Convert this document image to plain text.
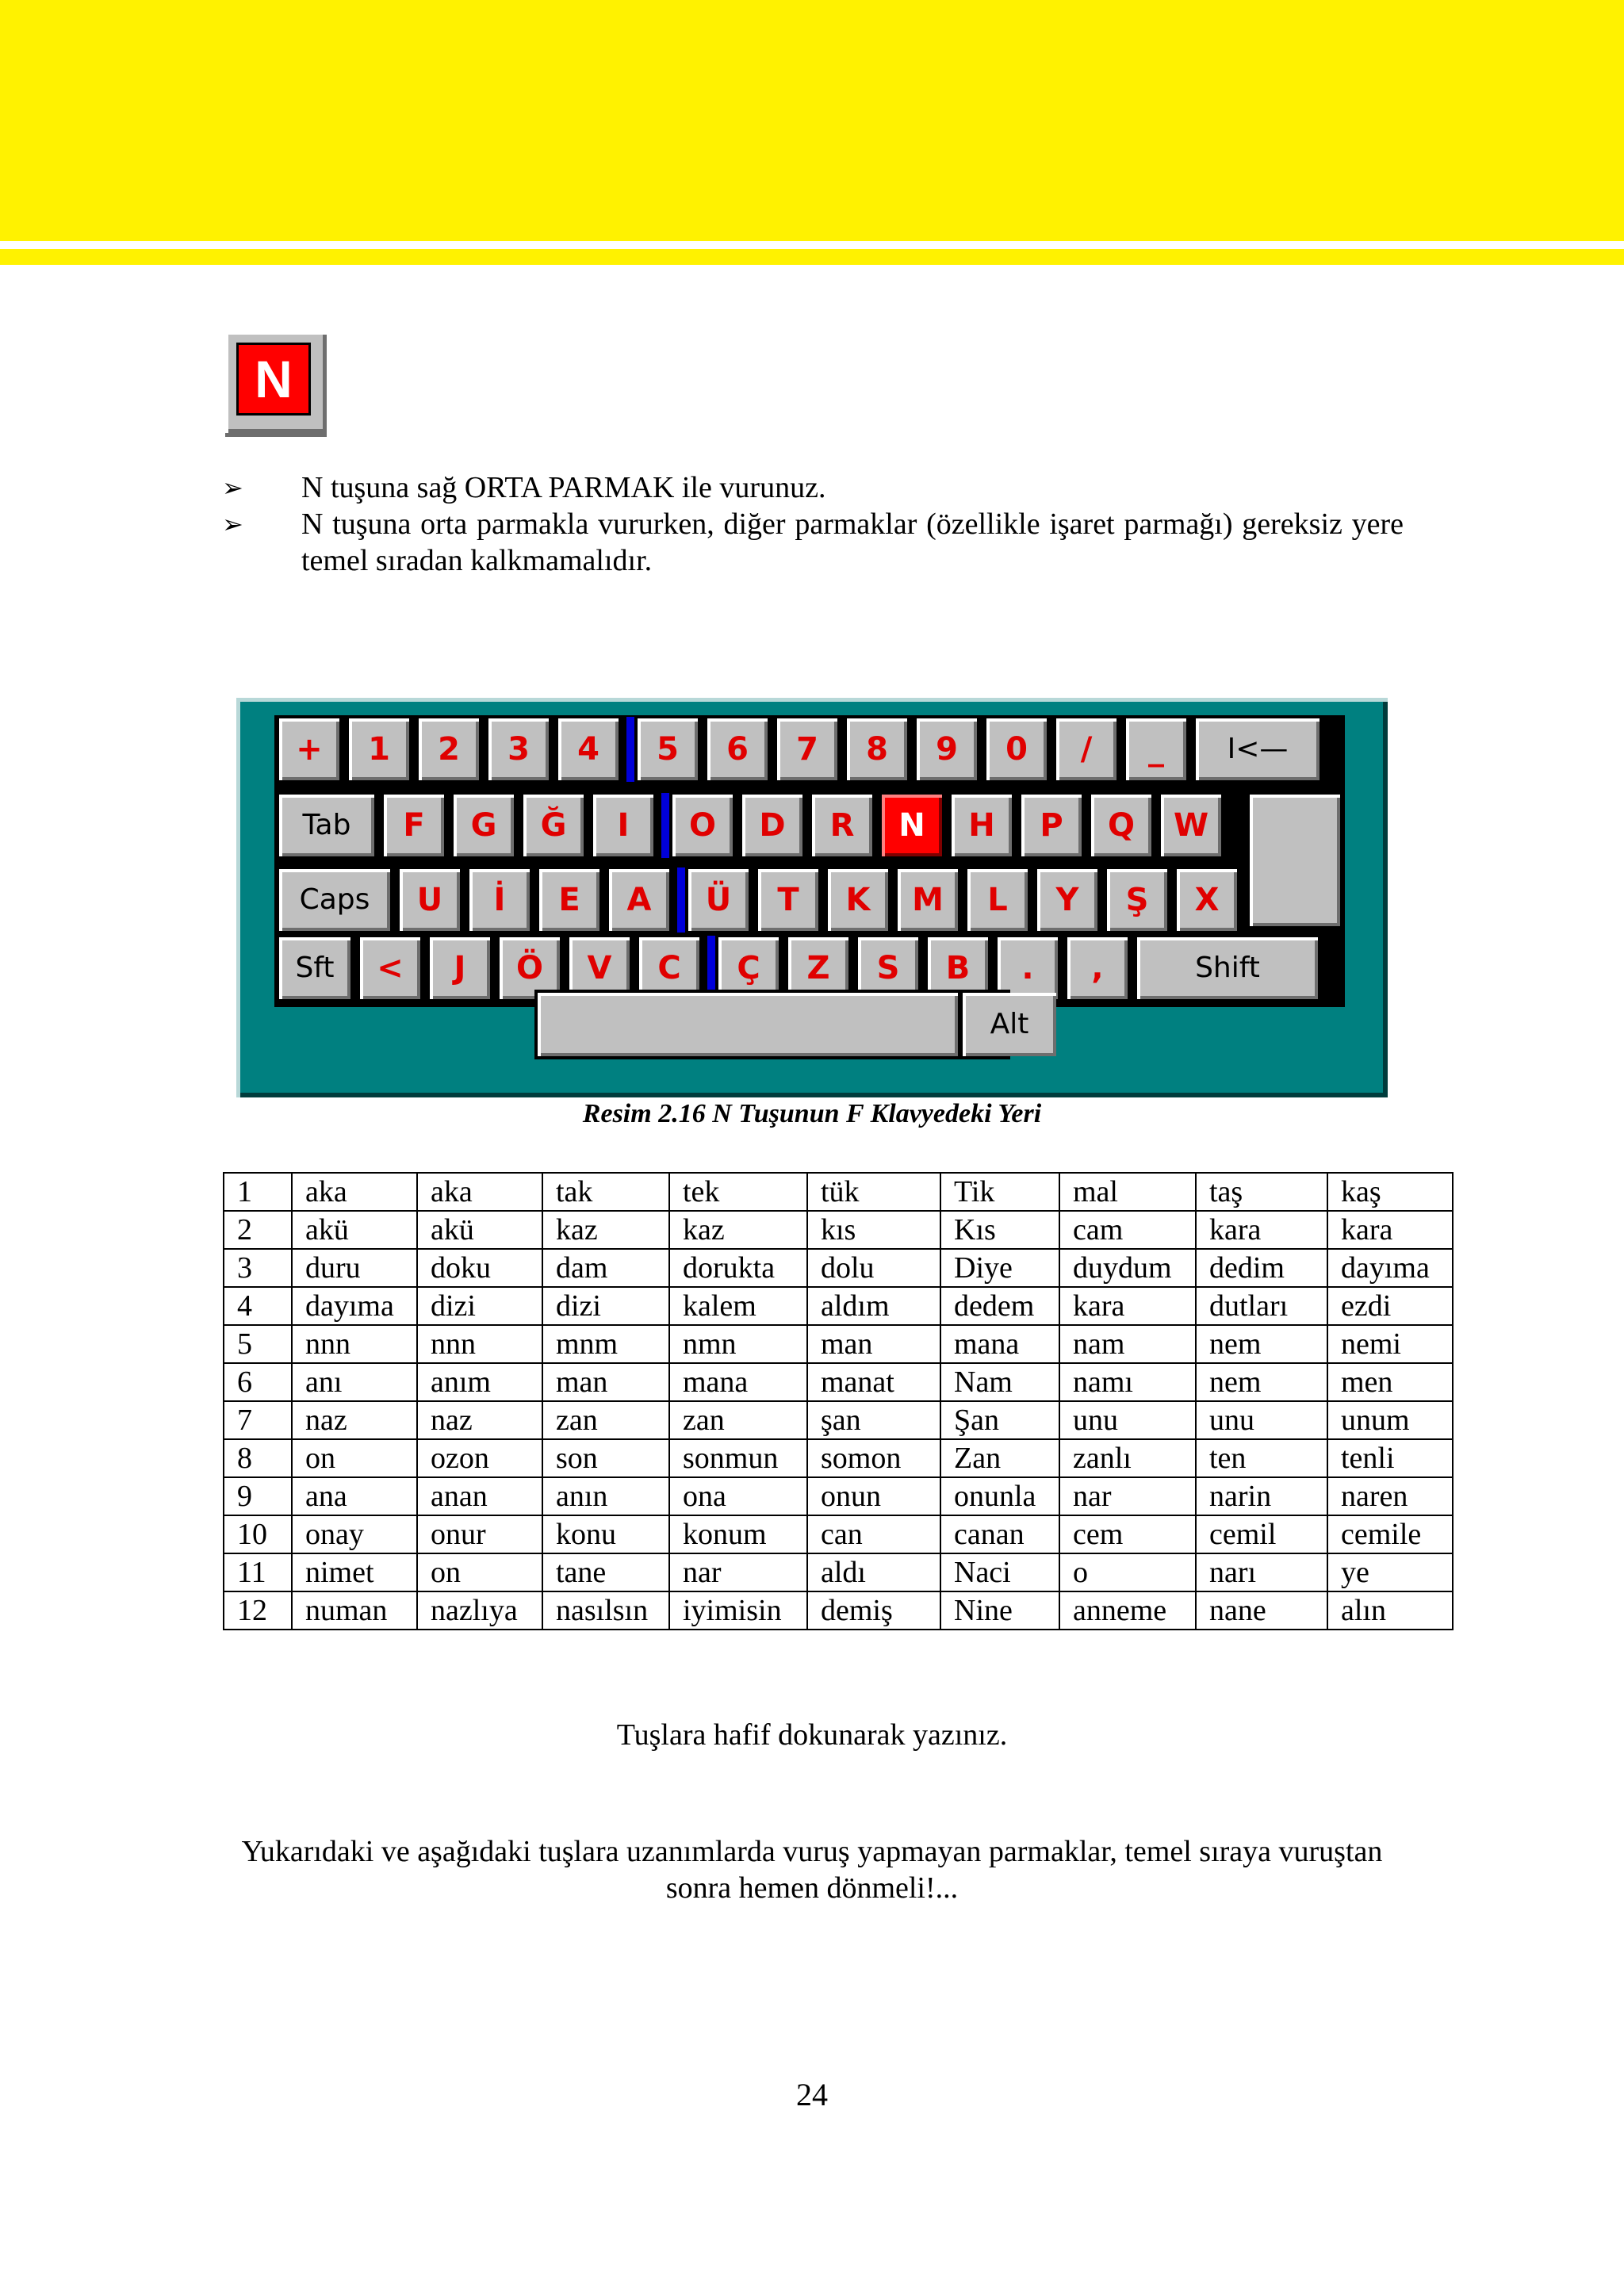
N
➢ N tuşuna sağ ORTA PARMAK ile vurunuz.
➢ N tuşuna orta parmakla vururken, diğer parmaklar (özellikle işaret parmağı) gereksiz yere temel sıradan kalkmamalıdır.
+	1	2	3	4	5	6	7	8	9	0	/	_	I<—
Tab	F	G	Ğ	I	O	D	R	N	H	P	Q	W
Caps	U	İ	E	A	Ü	T	K	M	L	Y	Ş	X
Sft	<	J	Ö	V	C	Ç	Z	S	B	.	,	Shift
Alt
Resim 2.16 N Tuşunun F Klavyedeki Yeri
1	aka	aka	tak	tek	tük	Tik	mal	taş	kaş
2	akü	akü	kaz	kaz	kıs	Kıs	cam	kara	kara
3	duru	doku	dam	dorukta	dolu	Diye	duydum	dedim	dayıma
4	dayıma	dizi	dizi	kalem	aldım	dedem	kara	dutları	ezdi
5	nnn	nnn	mnm	nmn	man	mana	nam	nem	nemi
6	anı	anım	man	mana	manat	Nam	namı	nem	men
7	naz	naz	zan	zan	şan	Şan	unu	unu	unum
8	on	ozon	son	sonmun	somon	Zan	zanlı	ten	tenli
9	ana	anan	anın	ona	onun	onunla	nar	narin	naren
10	onay	onur	konu	konum	can	canan	cem	cemil	cemile
11	nimet	on	tane	nar	aldı	Naci	o	narı	ye
12	numan	nazlıya	nasılsın	iyimisin	demiş	Nine	anneme	nane	alın
Tuşlara hafif dokunarak yazınız.
Yukarıdaki ve aşağıdaki tuşlara uzanımlarda vuruş yapmayan parmaklar, temel sıraya vuruştan sonra hemen dönmeli!...
24
